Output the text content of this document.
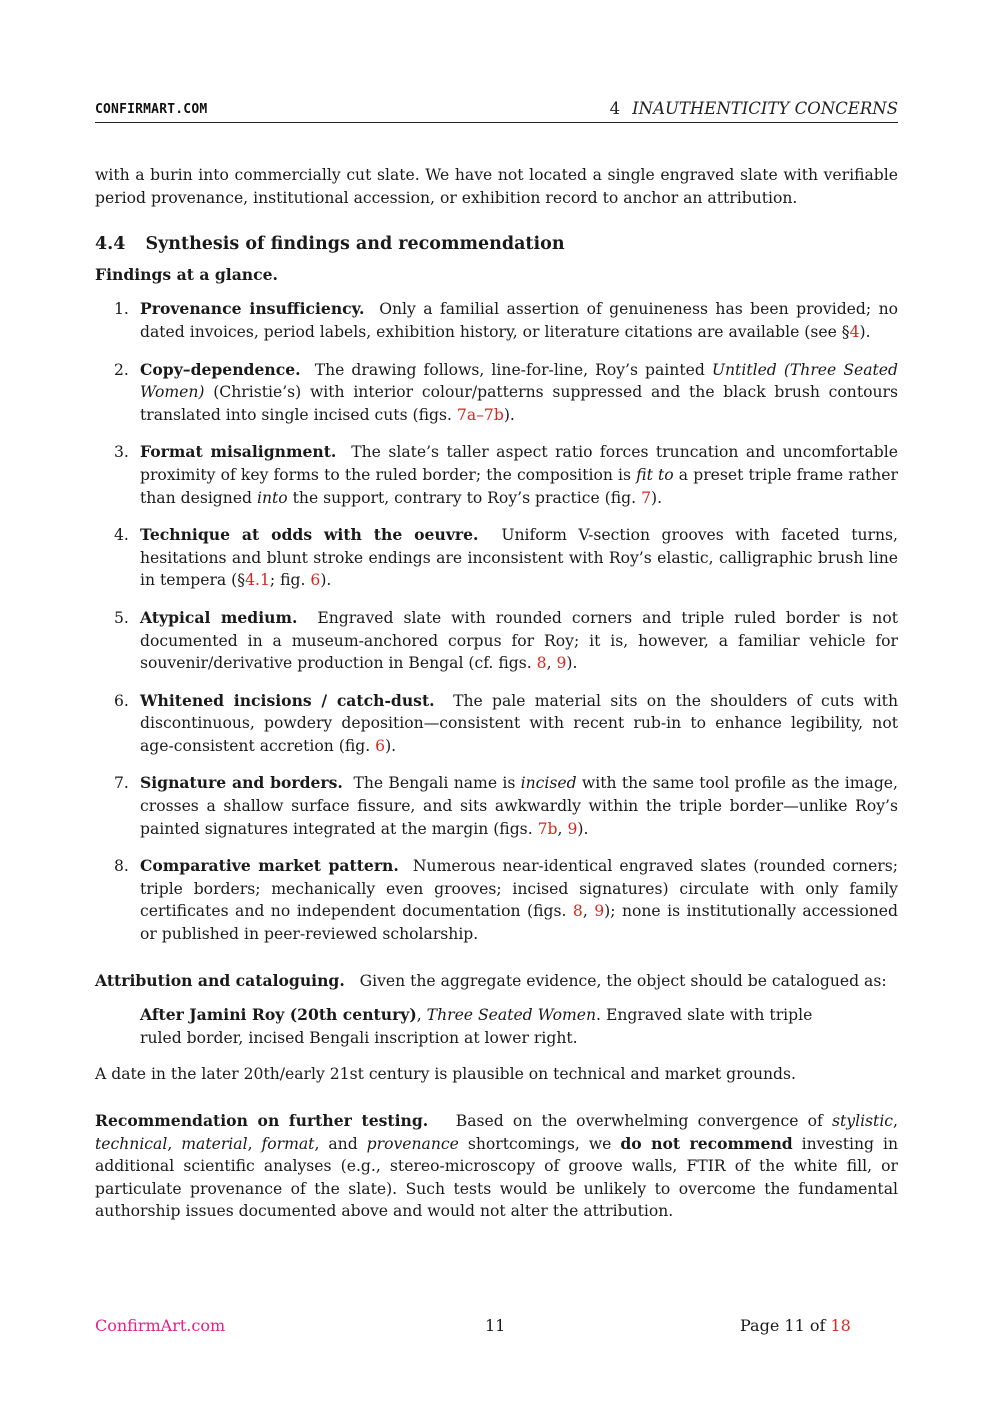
CONFIRMART.COM	4 INAUTHENTICITY CONCERNS

with a burin into commercially cut slate. We have not located a single engraved slate with verifiable period provenance, institutional accession, or exhibition record to anchor an attribution.

4.4 Synthesis of findings and recommendation

Findings at a glance.

1. Provenance insufficiency. Only a familial assertion of genuineness has been provided; no dated invoices, period labels, exhibition history, or literature citations are available (see §4).
2. Copy–dependence. The drawing follows, line-for-line, Roy’s painted Untitled (Three Seated Women) (Christie’s) with interior colour/patterns suppressed and the black brush contours translated into single incised cuts (figs. 7a–7b).
3. Format misalignment. The slate’s taller aspect ratio forces truncation and uncomfortable proximity of key forms to the ruled border; the composition is fit to a preset triple frame rather than designed into the support, contrary to Roy’s practice (fig. 7).
4. Technique at odds with the oeuvre. Uniform V-section grooves with faceted turns, hesitations and blunt stroke endings are inconsistent with Roy’s elastic, calligraphic brush line in tempera (§4.1; fig. 6).
5. Atypical medium. Engraved slate with rounded corners and triple ruled border is not documented in a museum-anchored corpus for Roy; it is, however, a familiar vehicle for souvenir/derivative production in Bengal (cf. figs. 8, 9).
6. Whitened incisions / catch-dust. The pale material sits on the shoulders of cuts with discontinuous, powdery deposition—consistent with recent rub-in to enhance legibility, not age-consistent accretion (fig. 6).
7. Signature and borders. The Bengali name is incised with the same tool profile as the image, crosses a shallow surface fissure, and sits awkwardly within the triple border—unlike Roy’s painted signatures integrated at the margin (figs. 7b, 9).
8. Comparative market pattern. Numerous near-identical engraved slates (rounded corners; triple borders; mechanically even grooves; incised signatures) circulate with only family certificates and no independent documentation (figs. 8, 9); none is institutionally accessioned or published in peer-reviewed scholarship.

Attribution and cataloguing. Given the aggregate evidence, the object should be catalogued as:

After Jamini Roy (20th century), Three Seated Women. Engraved slate with triple ruled border, incised Bengali inscription at lower right.

A date in the later 20th/early 21st century is plausible on technical and market grounds.

Recommendation on further testing. Based on the overwhelming convergence of stylistic, technical, material, format, and provenance shortcomings, we do not recommend investing in additional scientific analyses (e.g., stereo-microscopy of groove walls, FTIR of the white fill, or particulate provenance of the slate). Such tests would be unlikely to overcome the fundamental authorship issues documented above and would not alter the attribution.

ConfirmArt.com	11	Page 11 of 18
